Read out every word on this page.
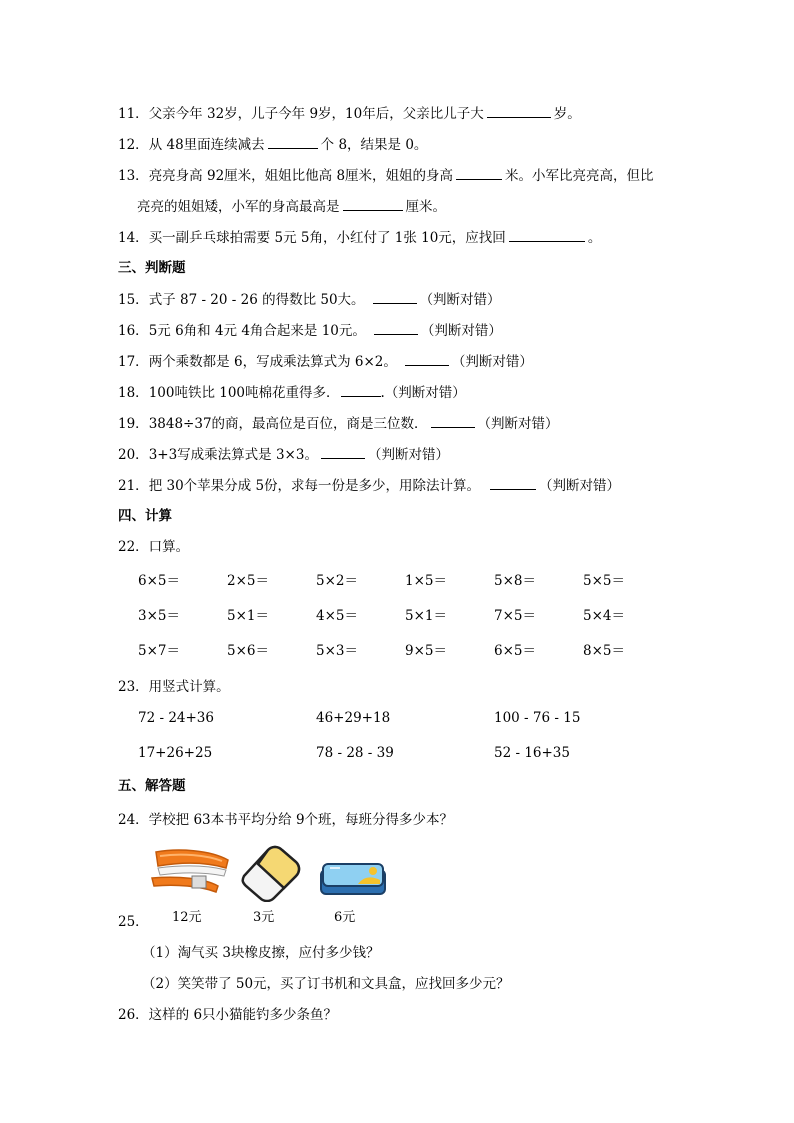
11．父亲今年 32岁，儿子今年 9岁，10年后，父亲比儿子大	岁。
12．从 48里面连续减去	个 8，结果是 0。
13．亮亮身高 92厘米，姐姐比他高 8厘米，姐姐的身高	米。小军比亮亮高，但比
亮亮的姐姐矮，小军的身高最高是	厘米。
14．买一副乒乓球拍需要 5元 5角，小红付了 1张 10元，应找回	。
三、判断题
15．式子 87 - 20 - 26 的得数比 50大。	（判断对错）
16．5元 6角和 4元 4角合起来是 10元。	（判断对错）
17．两个乘数都是 6，写成乘法算式为 6×2。	（判断对错）
18．100吨铁比 100吨棉花重得多．	.（判断对错）
19．3848÷37的商，最高位是百位，商是三位数．	（判断对错）
20．3+3写成乘法算式是 3×3。	（判断对错）
21．把 30个苹果分成 5份，求每一份是多少，用除法计算。	（判断对错）
四、计算
22．口算。
6×5＝	2×5＝	5×2＝	1×5＝	5×8＝	5×5＝
3×5＝	5×1＝	4×5＝	5×1＝	7×5＝	5×4＝
5×7＝	5×6＝	5×3＝	9×5＝	6×5＝	8×5＝
23．用竖式计算。
72 - 24+36	46+29+18	100 - 76 - 15
17+26+25	78 - 28 - 39	52 - 16+35
五、解答题
24．学校把 63本书平均分给 9个班，每班分得多少本？
12元	3元	6元
25．
（1）淘气买 3块橡皮擦，应付多少钱？
（2）笑笑带了 50元，买了订书机和文具盒，应找回多少元？
26．这样的 6只小猫能钓多少条鱼？
